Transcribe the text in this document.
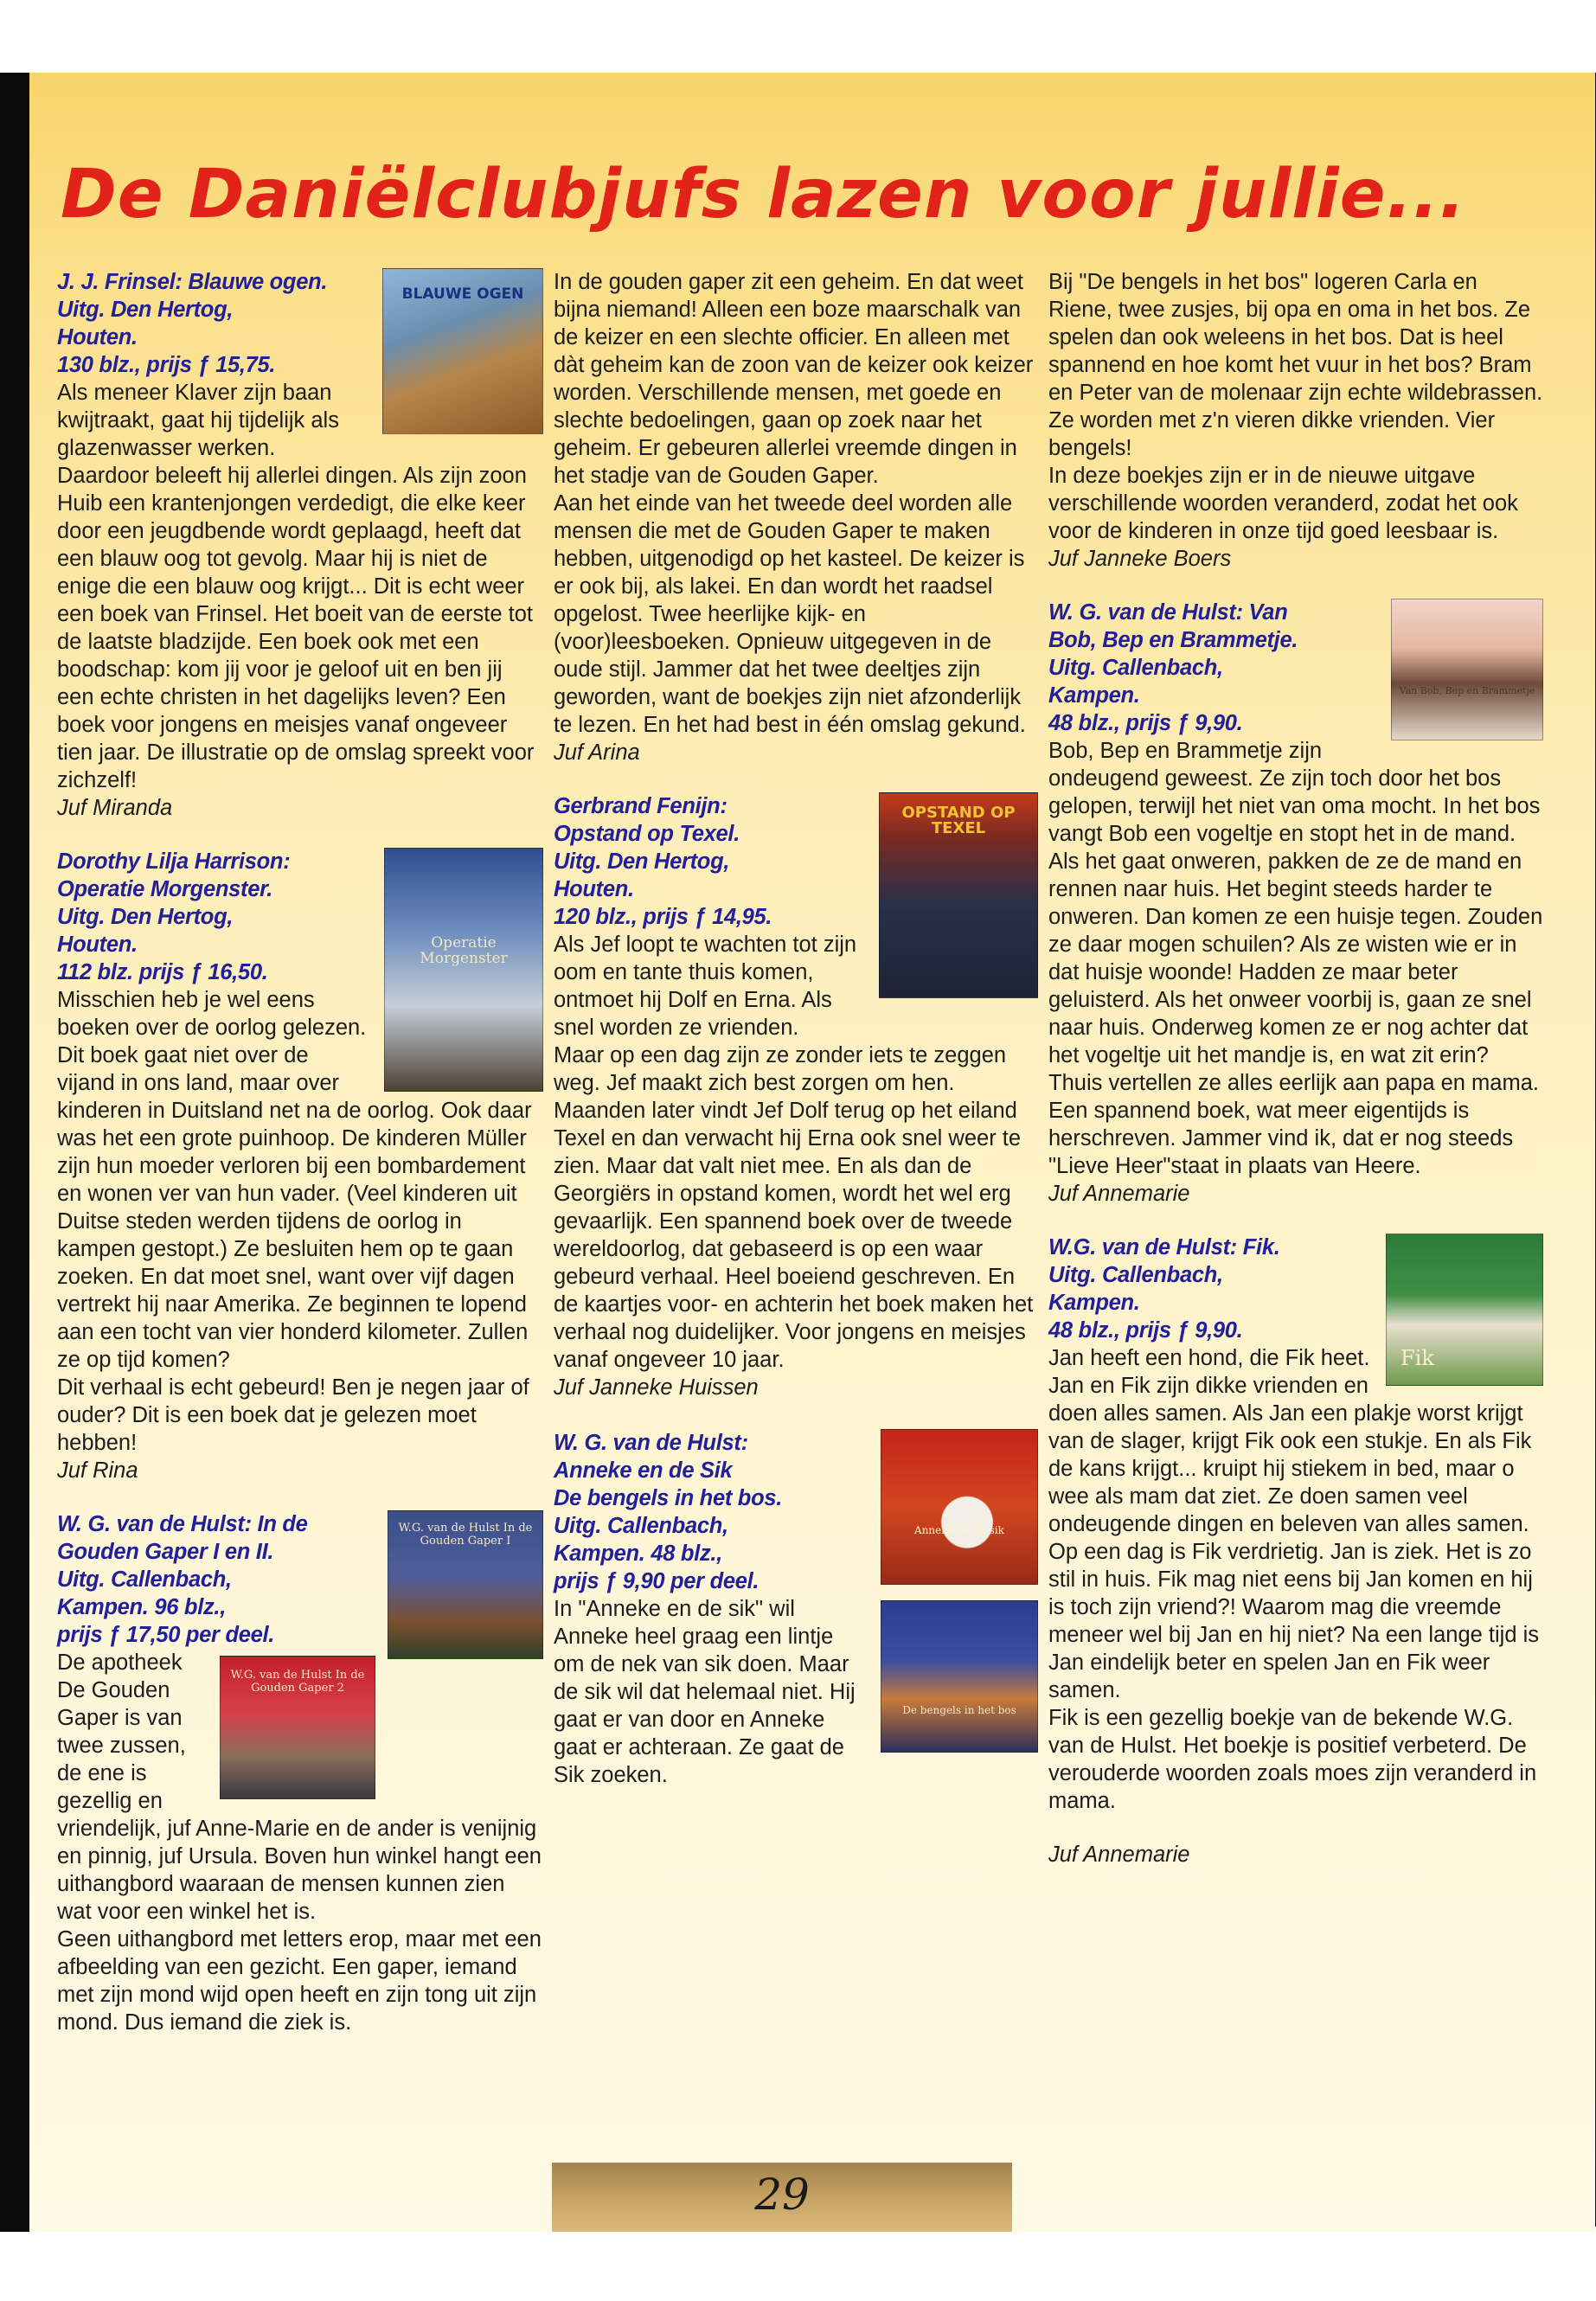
De Daniëlclubjufs lazen voor jullie...
BLAUWE OGEN

J. J. Frinsel: Blauwe ogen.

Uitg. Den Hertog,

Houten.

130 blz., prijs ƒ 15,75.

Als meneer Klaver zijn baan kwijtraakt, gaat hij tijdelijk als glazenwasser werken. Daardoor beleeft hij allerlei dingen. Als zijn zoon Huib een krantenjongen verdedigt, die elke keer door een jeugdbende wordt geplaagd, heeft dat een blauw oog tot gevolg. Maar hij is niet de enige die een blauw oog krijgt... Dit is echt weer een boek van Frinsel. Het boeit van de eerste tot de laatste bladzijde. Een boek ook met een boodschap: kom jij voor je geloof uit en ben jij een echte christen in het dagelijks leven? Een boek voor jongens en meisjes vanaf ongeveer tien jaar. De illustratie op de omslag spreekt voor zichzelf!

Juf Miranda

Operatie Morgenster

Dorothy Lilja Harrison:

Operatie Morgenster.

Uitg. Den Hertog,

Houten.

112 blz. prijs ƒ 16,50.

Misschien heb je wel eens boeken over de oorlog gelezen. Dit boek gaat niet over de vijand in ons land, maar over kinderen in Duitsland net na de oorlog. Ook daar was het een grote puinhoop. De kinderen Müller zijn hun moeder verloren bij een bombardement en wonen ver van hun vader. (Veel kinderen uit Duitse steden werden tijdens de oorlog in kampen gestopt.) Ze besluiten hem op te gaan zoeken. En dat moet snel, want over vijf dagen vertrekt hij naar Amerika. Ze beginnen te lopend aan een tocht van vier honderd kilometer. Zullen ze op tijd komen?

Dit verhaal is echt gebeurd! Ben je negen jaar of ouder? Dit is een boek dat je gelezen moet hebben!

Juf Rina

W.G. van de Hulst In de Gouden Gaper I

W. G. van de Hulst: In de

Gouden Gaper I en II.

Uitg. Callenbach,

Kampen. 96 blz.,

prijs ƒ 17,50 per deel.

W.G. van de Hulst In de Gouden Gaper 2

De apotheek De Gouden Gaper is van twee zussen, de ene is gezellig en vriendelijk, juf Anne-Marie en de ander is venijnig en pinnig, juf Ursula. Boven hun winkel hangt een uithangbord waaraan de mensen kunnen zien wat voor een winkel het is.

Geen uithangbord met letters erop, maar met een afbeelding van een gezicht. Een gaper, iemand met zijn mond wijd open heeft en zijn tong uit zijn mond. Dus iemand die ziek is.

In de gouden gaper zit een geheim. En dat weet bijna niemand! Alleen een boze maarschalk van de keizer en een slechte officier. En alleen met dàt geheim kan de zoon van de keizer ook keizer worden. Verschillende mensen, met goede en slechte bedoelingen, gaan op zoek naar het geheim. Er gebeuren allerlei vreemde dingen in het stadje van de Gouden Gaper.

Aan het einde van het tweede deel worden alle mensen die met de Gouden Gaper te maken hebben, uitgenodigd op het kasteel. De keizer is er ook bij, als lakei. En dan wordt het raadsel opgelost. Twee heerlijke kijk- en (voor)leesboeken. Opnieuw uitgegeven in de oude stijl. Jammer dat het twee deeltjes zijn geworden, want de boekjes zijn niet afzonderlijk te lezen. En het had best in één omslag gekund.

Juf Arina

OPSTAND OP TEXEL

Gerbrand Fenijn:

Opstand op Texel.

Uitg. Den Hertog,

Houten.

120 blz., prijs ƒ 14,95.

Als Jef loopt te wachten tot zijn oom en tante thuis komen, ontmoet hij Dolf en Erna. Als snel worden ze vrienden.

Maar op een dag zijn ze zonder iets te zeggen weg. Jef maakt zich best zorgen om hen. Maanden later vindt Jef Dolf terug op het eiland Texel en dan verwacht hij Erna ook snel weer te zien. Maar dat valt niet mee. En als dan de Georgiërs in opstand komen, wordt het wel erg gevaarlijk. Een spannend boek over de tweede wereldoorlog, dat gebaseerd is op een waar gebeurd verhaal. Heel boeiend geschreven. En de kaartjes voor- en achterin het boek maken het verhaal nog duidelijker. Voor jongens en meisjes vanaf ongeveer 10 jaar.

Juf Janneke Huissen

Anneke en de sik

W. G. van de Hulst:

Anneke en de Sik

De bengels in het bos.

Uitg. Callenbach,

Kampen. 48 blz.,

prijs ƒ 9,90 per deel.

De bengels in het bos

In "Anneke en de sik" wil Anneke heel graag een lintje om de nek van sik doen. Maar de sik wil dat helemaal niet. Hij gaat er van door en Anneke gaat er achteraan. Ze gaat de Sik zoeken.

Bij "De bengels in het bos" logeren Carla en Riene, twee zusjes, bij opa en oma in het bos. Ze spelen dan ook weleens in het bos. Dat is heel spannend en hoe komt het vuur in het bos? Bram en Peter van de molenaar zijn echte wildebrassen. Ze worden met z'n vieren dikke vrienden. Vier bengels!

In deze boekjes zijn er in de nieuwe uitgave verschillende woorden veranderd, zodat het ook voor de kinderen in onze tijd goed leesbaar is.

Juf Janneke Boers

Van Bob, Bep en Brammetje

W. G. van de Hulst: Van

Bob, Bep en Brammetje.

Uitg. Callenbach,

Kampen.

48 blz., prijs ƒ 9,90.

Bob, Bep en Brammetje zijn ondeugend geweest. Ze zijn toch door het bos gelopen, terwijl het niet van oma mocht. In het bos vangt Bob een vogeltje en stopt het in de mand. Als het gaat onweren, pakken de ze de mand en rennen naar huis. Het begint steeds harder te onweren. Dan komen ze een huisje tegen. Zouden ze daar mogen schuilen? Als ze wisten wie er in dat huisje woonde! Hadden ze maar beter geluisterd. Als het onweer voorbij is, gaan ze snel naar huis. Onderweg komen ze er nog achter dat het vogeltje uit het mandje is, en wat zit erin? Thuis vertellen ze alles eerlijk aan papa en mama. Een spannend boek, wat meer eigentijds is herschreven. Jammer vind ik, dat er nog steeds "Lieve Heer"staat in plaats van Heere.

Juf Annemarie

Fik

W.G. van de Hulst: Fik.

Uitg. Callenbach,

Kampen.

48 blz., prijs ƒ 9,90.

Jan heeft een hond, die Fik heet. Jan en Fik zijn dikke vrienden en doen alles samen. Als Jan een plakje worst krijgt van de slager, krijgt Fik ook een stukje. En als Fik de kans krijgt... kruipt hij stiekem in bed, maar o wee als mam dat ziet. Ze doen samen veel ondeugende dingen en beleven van alles samen. Op een dag is Fik verdrietig. Jan is ziek. Het is zo stil in huis. Fik mag niet eens bij Jan komen en hij is toch zijn vriend?! Waarom mag die vreemde meneer wel bij Jan en hij niet? Na een lange tijd is Jan eindelijk beter en spelen Jan en Fik weer samen.

Fik is een gezellig boekje van de bekende W.G. van de Hulst. Het boekje is positief verbeterd. De verouderde woorden zoals moes zijn veranderd in mama.

Juf Annemarie

29
